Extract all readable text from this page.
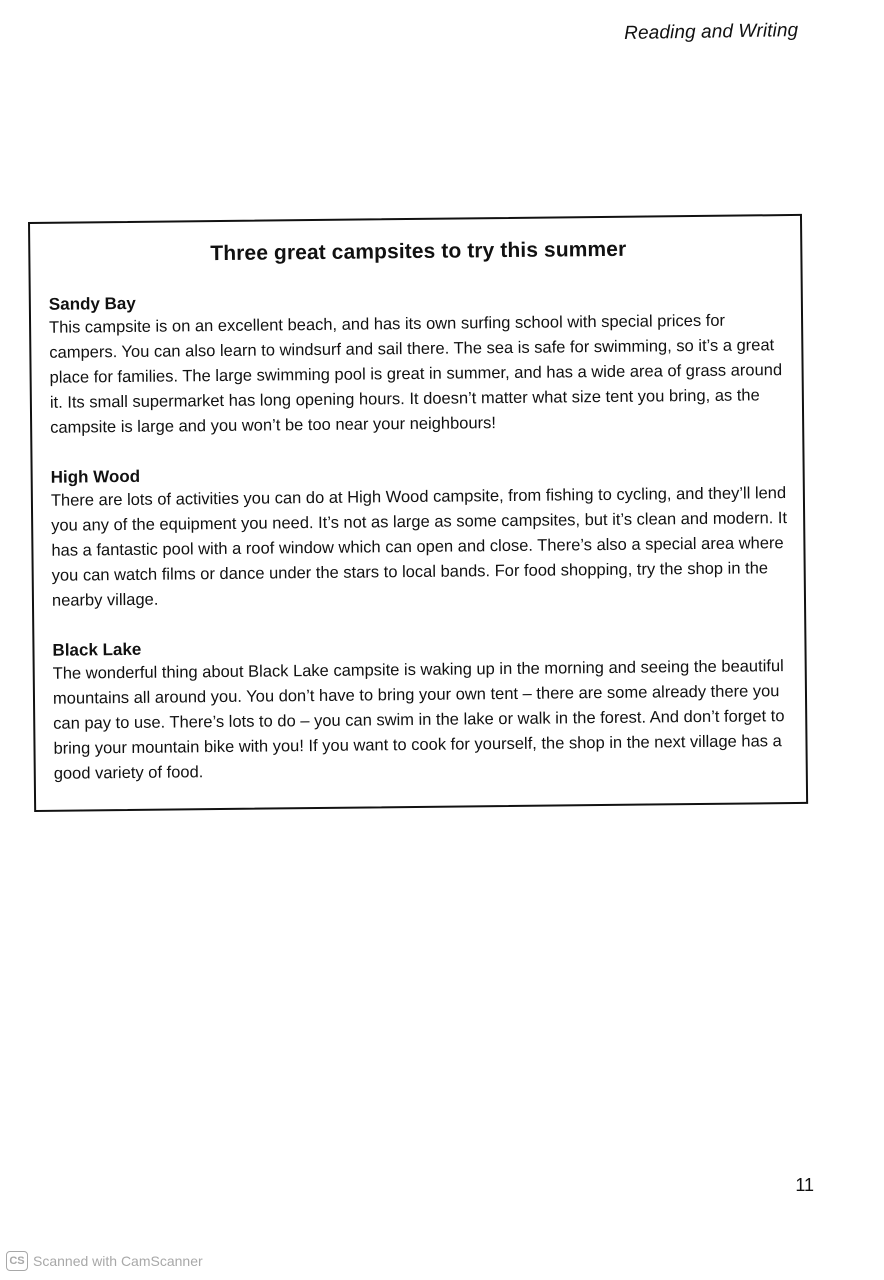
Reading and Writing
Three great campsites to try this summer

Sandy Bay

This campsite is on an excellent beach, and has its own surfing school with special prices for campers. You can also learn to windsurf and sail there. The sea is safe for swimming, so it’s a great place for families. The large swimming pool is great in summer, and has a wide area of grass around it. Its small supermarket has long opening hours. It doesn’t matter what size tent you bring, as the campsite is large and you won’t be too near your neighbours!

High Wood

There are lots of activities you can do at High Wood campsite, from fishing to cycling, and they’ll lend you any of the equipment you need. It’s not as large as some campsites, but it’s clean and modern. It has a fantastic pool with a roof window which can open and close. There’s also a special area where you can watch films or dance under the stars to local bands. For food shopping, try the shop in the nearby village.

Black Lake

The wonderful thing about Black Lake campsite is waking up in the morning and seeing the beautiful mountains all around you. You don’t have to bring your own tent – there are some already there you can pay to use. There’s lots to do – you can swim in the lake or walk in the forest. And don’t forget to bring your mountain bike with you! If you want to cook for yourself, the shop in the next village has a good variety of food.

11
CS Scanned with CamScanner
